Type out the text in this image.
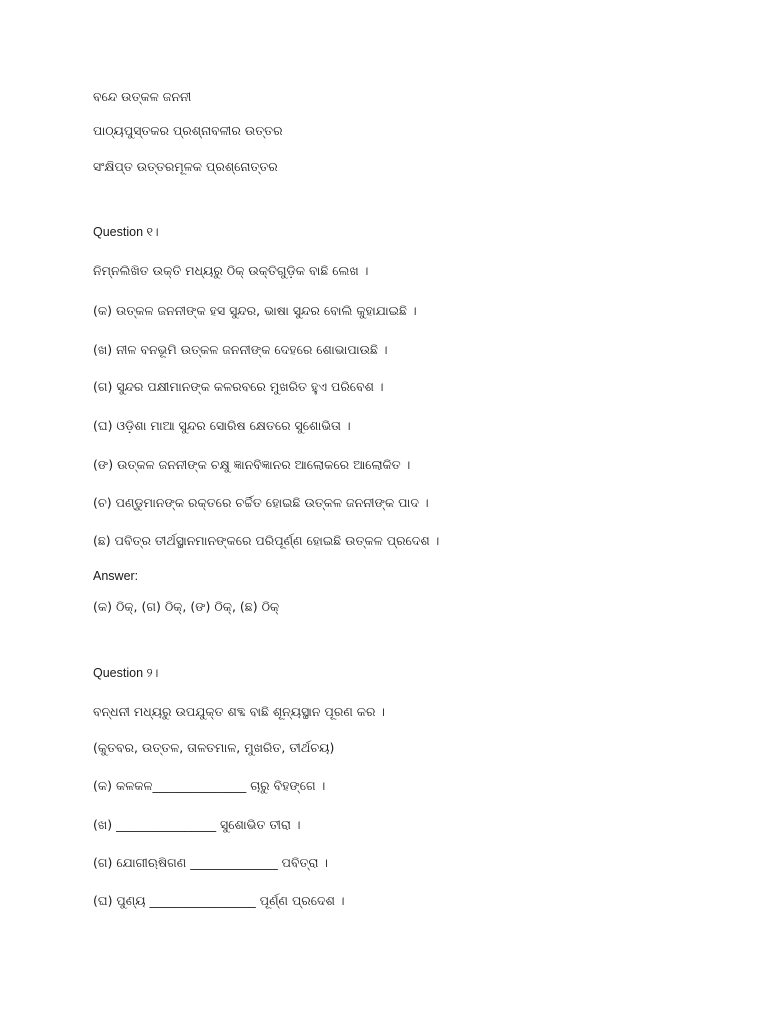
ବନ୍ଦେ ଉତ୍କଳ ଜନନୀ
ପାଠ୍ୟପୁସ୍ତକର ପ୍ରଶ୍ନାବଳୀର ଉତ୍ତର
ସଂକ୍ଷିପ୍ତ ଉତ୍ତରମୂଳକ ପ୍ରଶ୍ନୋତ୍ତର
Question ୧।
ନିମ୍ନଲିଖିତ ଉକ୍ତି ମଧ୍ୟରୁ ଠିକ୍ ଉକ୍ତିଗୁଡ଼ିକ ବାଛି ଲେଖ ।
(କ) ଉତ୍କଳ ଜନନୀଙ୍କ ହସ ସୁନ୍ଦର, ଭାଷା ସୁନ୍ଦର ବୋଲି କୁହାଯାଇଛି ।
(ଖ) ନୀଳ ବନଭୂମି ଉତ୍କଳ ଜନନୀଙ୍କ ଦେହରେ ଶୋଭାପାଉଛି ।
(ଗ) ସୁନ୍ଦର ପକ୍ଷୀମାନଙ୍କ କଳରବରେ ମୁଖରିତ ହୁଏ ପରିବେଶ ।
(ଘ) ଓଡ଼ିଶା ମାଆ ସୁନ୍ଦର ସୋରିଷ କ୍ଷେତରେ ସୁଶୋଭିତା ।
(ଙ) ଉତ୍କଳ ଜନନୀଙ୍କ ଚକ୍ଷୁ ଜ୍ଞାନବିଜ୍ଞାନର ଆଲୋକରେ ଆଲୋକିତ ।
(ଚ) ପଣ୍ଡୁମାନଙ୍କ ରକ୍ତରେ ଚର୍ଚ୍ଚିତ ହୋଇଛି ଉତ୍କଳ ଜନନୀଙ୍କ ପାଦ ।
(ଛ) ପବିତ୍ର ତୀର୍ଥସ୍ଥାନମାନଙ୍କରେ ପରିପୂର୍ଣ୍ଣ ହୋଇଛି ଉତ୍କଳ ପ୍ରଦେଶ ।
Answer:
(କ) ଠିକ୍, (ଗ) ଠିକ୍, (ଙ) ଠିକ୍, (ଛ) ଠିକ୍
Question ୨।
ବନ୍ଧନୀ ମଧ୍ୟରୁ ଉପଯୁକ୍ତ ଶବ୍ଦ ବାଛି ଶୂନ୍ୟସ୍ଥାନ ପୂରଣ କର ।
(କୁତବର, ଉତ୍ତଳ, ତାଳତମାଳ, ମୁଖରିତ, ତୀର୍ଥଚୟ)
(କ) କଳକଳ_______________ ଚାରୁ ବିହଙ୍ଗେ ।
(ଖ) ________________ ସୁଶୋଭିତ ତୀରା ।
(ଗ) ଯୋଗୀଋଷିଗଣ ______________ ପବିତ୍ରା ।
(ଘ) ପୁଣ୍ୟ _________________ ପୂର୍ଣ୍ଣ ପ୍ରଦେଶ ।
